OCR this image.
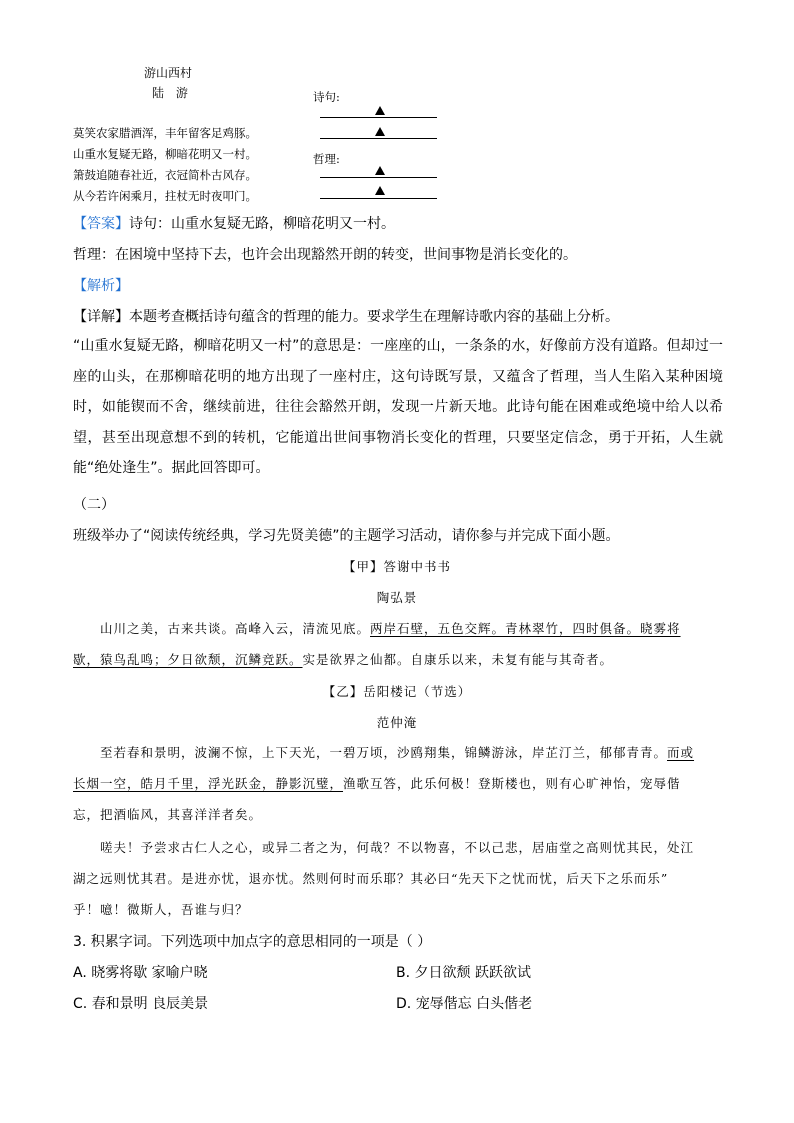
游山西村
陆 游
莫笑农家腊酒浑，丰年留客足鸡豚。
山重水复疑无路，柳暗花明又一村。
箫鼓追随春社近，衣冠简朴古风存。
从今若许闲乘月，拄杖无时夜叩门。
诗句:
哲理:
【答案】诗句：山重水复疑无路，柳暗花明又一村。
哲理：在困境中坚持下去，也许会出现豁然开朗的转变，世间事物是消长变化的。
【解析】
【详解】本题考查概括诗句蕴含的哲理的能力。要求学生在理解诗歌内容的基础上分析。
“山重水复疑无路，柳暗花明又一村”的意思是：一座座的山，一条条的水，好像前方没有道路。但却过一座的山头，在那柳暗花明的地方出现了一座村庄，这句诗既写景，又蕴含了哲理，当人生陷入某种困境时，如能锲而不舍，继续前进，往往会豁然开朗，发现一片新天地。此诗句能在困难或绝境中给人以希望，甚至出现意想不到的转机，它能道出世间事物消长变化的哲理，只要坚定信念，勇于开拓，人生就能“绝处逢生”。据此回答即可。
（二）
班级举办了“阅读传统经典，学习先贤美德”的主题学习活动，请你参与并完成下面小题。
【甲】答谢中书书
陶弘景
山川之美，古来共谈。高峰入云，清流见底。两岸石壁，五色交辉。青林翠竹，四时俱备。晓雾将
歇，猿鸟乱鸣；夕日欲颓，沉鳞竞跃。实是欲界之仙都。自康乐以来，未复有能与其奇者。
【乙】岳阳楼记（节选）
范仲淹
至若春和景明，波澜不惊，上下天光，一碧万顷，沙鸥翔集，锦鳞游泳，岸芷汀兰，郁郁青青。而或
长烟一空，皓月千里，浮光跃金，静影沉璧，渔歌互答，此乐何极！登斯楼也，则有心旷神怡，宠辱偕
忘，把酒临风，其喜洋洋者矣。
嗟夫！予尝求古仁人之心，或异二者之为，何哉？不以物喜，不以己悲，居庙堂之高则忧其民，处江
湖之远则忧其君。是进亦忧，退亦忧。然则何时而乐耶？其必曰“先天下之忧而忧，后天下之乐而乐”
乎！噫！微斯人，吾谁与归？
3. 积累字词。下列选项中加点字的意思相同的一项是（ ）
A. 晓雾将歇 家喻户晓	B. 夕日欲颓 跃跃欲试
C. 春和景明 良辰美景	D. 宠辱偕忘 白头偕老
